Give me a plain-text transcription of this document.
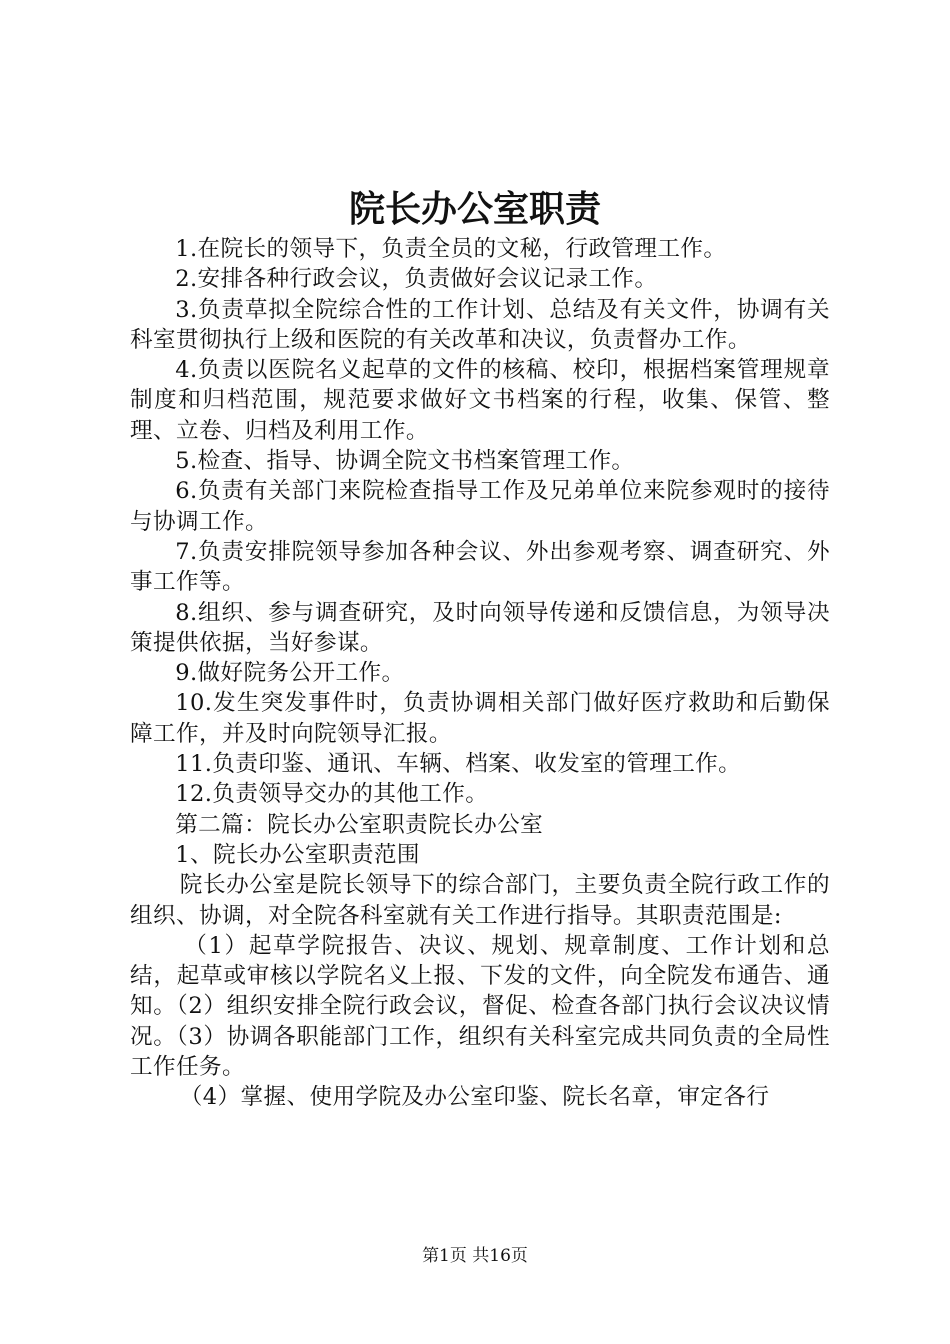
院长办公室职责

1.在院长的领导下，负责全员的文秘，行政管理工作。

2.安排各种行政会议，负责做好会议记录工作。

3.负责草拟全院综合性的工作计划、总结及有关文件，协调有关科室贯彻执行上级和医院的有关改革和决议，负责督办工作。

4.负责以医院名义起草的文件的核稿、校印，根据档案管理规章制度和归档范围，规范要求做好文书档案的行程，收集、保管、整理、立卷、归档及利用工作。

5.检查、指导、协调全院文书档案管理工作。

6.负责有关部门来院检查指导工作及兄弟单位来院参观时的接待与协调工作。

7.负责安排院领导参加各种会议、外出参观考察、调查研究、外事工作等。

8.组织、参与调查研究，及时向领导传递和反馈信息，为领导决策提供依据，当好参谋。

9.做好院务公开工作。

10.发生突发事件时，负责协调相关部门做好医疗救助和后勤保障工作，并及时向院领导汇报。

11.负责印鉴、通讯、车辆、档案、收发室的管理工作。

12.负责领导交办的其他工作。

第二篇：院长办公室职责院长办公室

1、院长办公室职责范围

院长办公室是院长领导下的综合部门，主要负责全院行政工作的组织、协调，对全院各科室就有关工作进行指导。其职责范围是:

（1）起草学院报告、决议、规划、规章制度、工作计划和总结，起草或审核以学院名义上报、下发的文件，向全院发布通告、通知。（2）组织安排全院行政会议，督促、检查各部门执行会议决议情况。（3）协调各职能部门工作，组织有关科室完成共同负责的全局性工作任务。

（4）掌握、使用学院及办公室印鉴、院长名章，审定各行

第1页 共16页
